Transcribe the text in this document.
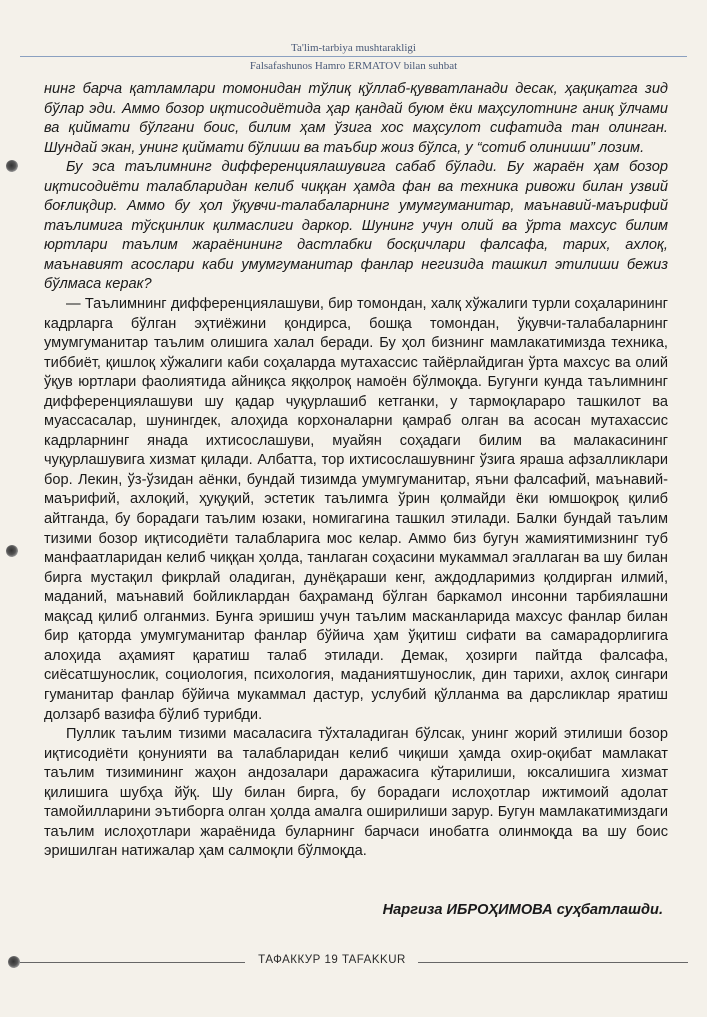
Ta'lim-tarbiya mushtarakligi
Falsafashunos Hamro ERMATOV bilan suhbat

нинг барча қатламлари томонидан тўлиқ қўллаб-қувватланади десак, ҳақиқатга зид бўлар эди. Аммо бозор иқтисодиётида ҳар қандай буюм ёки маҳсулотнинг аниқ ўлчами ва қиймати бўлгани боис, билим ҳам ўзига хос маҳсулот сифатида тан олинган. Шундай экан, унинг қиймати бўлиши ва таъбир жоиз бўлса, у “сотиб олиниши” лозим.

Бу эса таълимнинг дифференциялашувига сабаб бўлади. Бу жараён ҳам бозор иқтисодиёти талабларидан келиб чиққан ҳамда фан ва техника ривожи билан узвий боғлиқдир. Аммо бу ҳол ўқувчи-талабаларнинг умумгуманитар, маънавий-маърифий таълимига тўсқинлик қилмаслиги даркор. Шунинг учун олий ва ўрта махсус билим юртлари таълим жараёнининг дастлабки босқичлари фалсафа, тарих, ахлоқ, маънавият асослари каби умумгуманитар фанлар негизида ташкил этилиши бежиз бўлмаса керак?

— Таълимнинг дифференциялашуви, бир томондан, халқ хўжалиги турли соҳаларининг кадрларга бўлган эҳтиёжини қондирса, бошқа томондан, ўқувчи-талабаларнинг умумгуманитар таълим олишига халал беради. Бу ҳол бизнинг мамлакатимизда техника, тиббиёт, қишлоқ хўжалиги каби соҳаларда мутахассис тайёрлайдиган ўрта махсус ва олий ўқув юртлари фаолиятида айниқса яққолроқ намоён бўлмоқда. Бугунги кунда таълимнинг дифференциялашуви шу қадар чуқурлашиб кетганки, у тармоқлараро ташкилот ва муассасалар, шунингдек, алоҳида корхоналарни қамраб олган ва асосан мутахассис кадрларнинг янада ихтисослашуви, муайян соҳадаги билим ва малакасининг чуқурлашувига хизмат қилади. Албатта, тор ихтисослашувнинг ўзига яраша афзалликлари бор. Лекин, ўз-ўзидан аёнки, бундай тизимда умумгуманитар, яъни фалсафий, маънавий-маърифий, ахлоқий, ҳуқуқий, эстетик таълимга ўрин қолмайди ёки юмшоқроқ қилиб айтганда, бу борадаги таълим юзаки, номигагина ташкил этилади. Балки бундай таълим тизими бозор иқтисодиёти талабларига мос келар. Аммо биз бугун жамиятимизнинг туб манфаатларидан келиб чиққан ҳолда, танлаган соҳасини мукаммал эгаллаган ва шу билан бирга мустақил фикрлай оладиган, дунёқараши кенг, аждодларимиз қолдирган илмий, маданий, маънавий бойликлардан баҳраманд бўлган баркамол инсонни тарбиялашни мақсад қилиб олганмиз. Бунга эришиш учун таълим масканларида махсус фанлар билан бир қаторда умумгуманитар фанлар бўйича ҳам ўқитиш сифати ва самарадорлигига алоҳида аҳамият қаратиш талаб этилади. Демак, ҳозирги пайтда фалсафа, сиёсатшунослик, социология, психология, маданиятшунослик, дин тарихи, ахлоқ сингари гуманитар фанлар бўйича мукаммал дастур, услубий қўлланма ва дарсликлар яратиш долзарб вазифа бўлиб турибди.

Пуллик таълим тизими масаласига тўхталадиган бўлсак, унинг жорий этилиши бозор иқтисодиёти қонунияти ва талабларидан келиб чиқиши ҳамда охир-оқибат мамлакат таълим тизимининг жаҳон андозалари даражасига кўтарилиши, юксалишига хизмат қилишига шубҳа йўқ. Шу билан бирга, бу борадаги ислоҳотлар ижтимоий адолат тамойилларини эътиборга олган ҳолда амалга оширилиши зарур. Бугун мамлакатимиздаги таълим ислоҳотлари жараёнида буларнинг барчаси инобатга олинмоқда ва шу боис эришилган натижалар ҳам салмоқли бўлмоқда.

Наргиза ИБРОҲИМОВА суҳбатлашди.
ТАФАККУР 19 TAFAKKUR
